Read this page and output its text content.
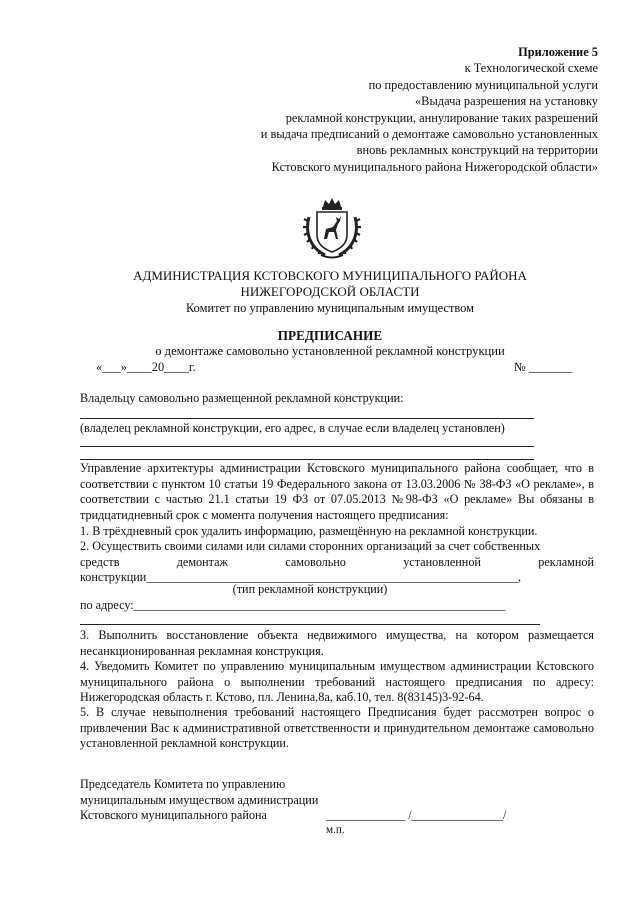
Приложение 5
к Технологической схеме
по предоставлению муниципальной услуги
«Выдача разрешения на установку
рекламной конструкции, аннулирование таких разрешений
и выдача предписаний о демонтаже самовольно установленных
вновь рекламных конструкций на территории
Кстовского муниципального района Нижегородской области»
АДМИНИСТРАЦИЯ КСТОВСКОГО МУНИЦИПАЛЬНОГО РАЙОНА
НИЖЕГОРОДСКОЙ ОБЛАСТИ
Комитет по управлению муниципальным имуществом
ПРЕДПИСАНИЕ
о демонтаже самовольно установленной рекламной конструкции
«___»____20____г.	№ _______
Владельцу самовольно размещенной рекламной конструкции:
(владелец рекламной конструкции, его адрес, в случае если владелец установлен)
Управление архитектуры администрации Кстовского муниципального района сообщает, что в соответствии с пунктом 10 статьи 19 Федерального закона от 13.03.2006 № 38-ФЗ «О рекламе», в соответствии с частью 21.1 статьи 19 ФЗ от 07.05.2013 №98-ФЗ «О рекламе» Вы обязаны в тридцатидневный срок с момента получения настоящего предписания:
1. В трёхдневный срок удалить информацию, размещённую на рекламной конструкции.
2. Осуществить своими силами или силами сторонних организаций за счет собственных
средств	демонтаж	самовольно	установленной	рекламной
конструкции_____________________________________________________________,
(тип рекламной конструкции)
по адресу:_____________________________________________________________
3. Выполнить восстановление объекта недвижимого имущества, на котором размещается несанкционированная рекламная конструкция.
4. Уведомить Комитет по управлению муниципальным имуществом администрации Кстовского муниципального района о выполнении требований настоящего предписания по адресу: Нижегородская область г. Кстово, пл. Ленина,8а, каб.10, тел. 8(83145)3-92-64.
5. В случае невыполнения требований настоящего Предписания будет рассмотрен вопрос о привлечении Вас к административной ответственности и принудительном демонтаже самовольно установленной рекламной конструкции.
Председатель Комитета по управлению
муниципальным имуществом администрации
Кстовского муниципального района	_____________ /_______________/
м.п.
